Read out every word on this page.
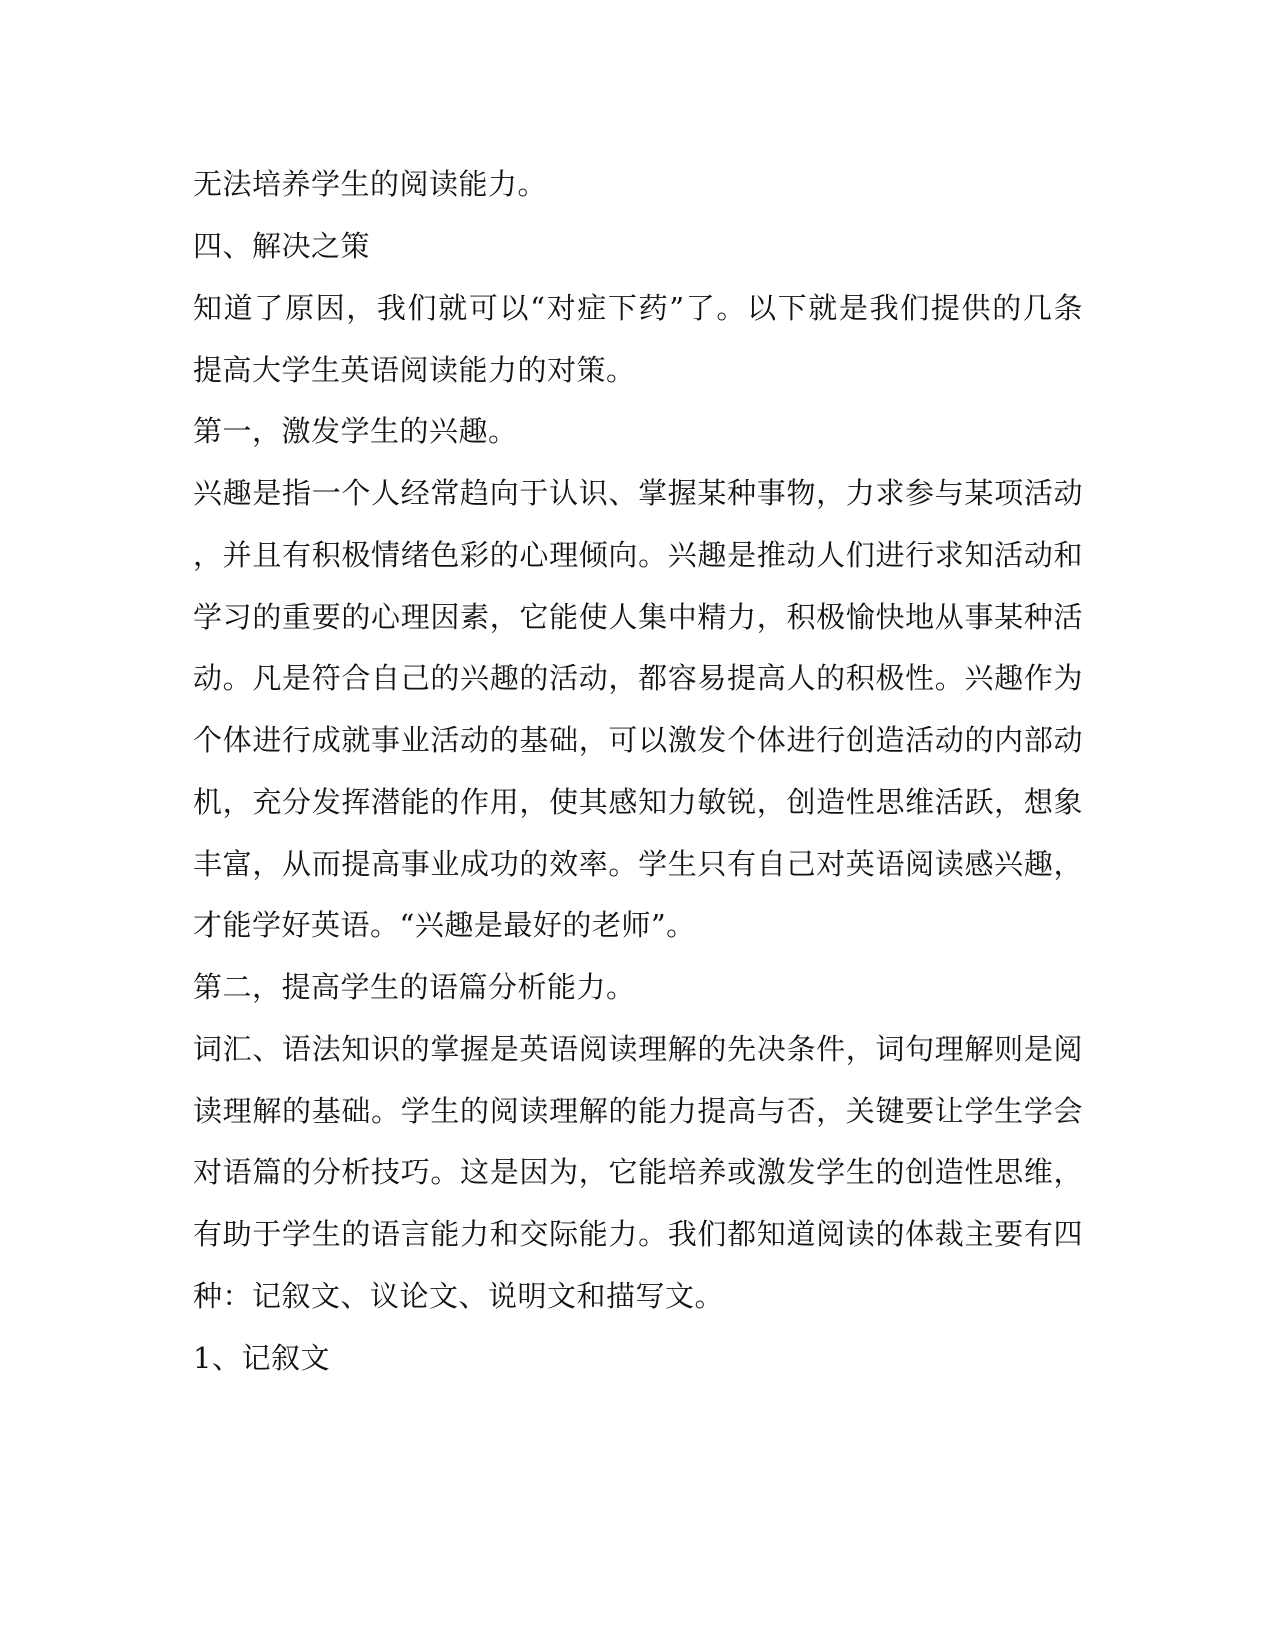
无法培养学生的阅读能力。
四、解决之策
知道了原因，我们就可以“对症下药”了。以下就是我们提供的几条
提高大学生英语阅读能力的对策。
第一，激发学生的兴趣。
兴趣是指一个人经常趋向于认识、掌握某种事物，力求参与某项活动
，并且有积极情绪色彩的心理倾向。兴趣是推动人们进行求知活动和
学习的重要的心理因素，它能使人集中精力，积极愉快地从事某种活
动。凡是符合自己的兴趣的活动，都容易提高人的积极性。兴趣作为
个体进行成就事业活动的基础，可以激发个体进行创造活动的内部动
机，充分发挥潜能的作用，使其感知力敏锐，创造性思维活跃，想象
丰富，从而提高事业成功的效率。学生只有自己对英语阅读感兴趣，
才能学好英语。“兴趣是最好的老师”。
第二，提高学生的语篇分析能力。
词汇、语法知识的掌握是英语阅读理解的先决条件，词句理解则是阅
读理解的基础。学生的阅读理解的能力提高与否，关键要让学生学会
对语篇的分析技巧。这是因为，它能培养或激发学生的创造性思维，
有助于学生的语言能力和交际能力。我们都知道阅读的体裁主要有四
种：记叙文、议论文、说明文和描写文。
1、记叙文
